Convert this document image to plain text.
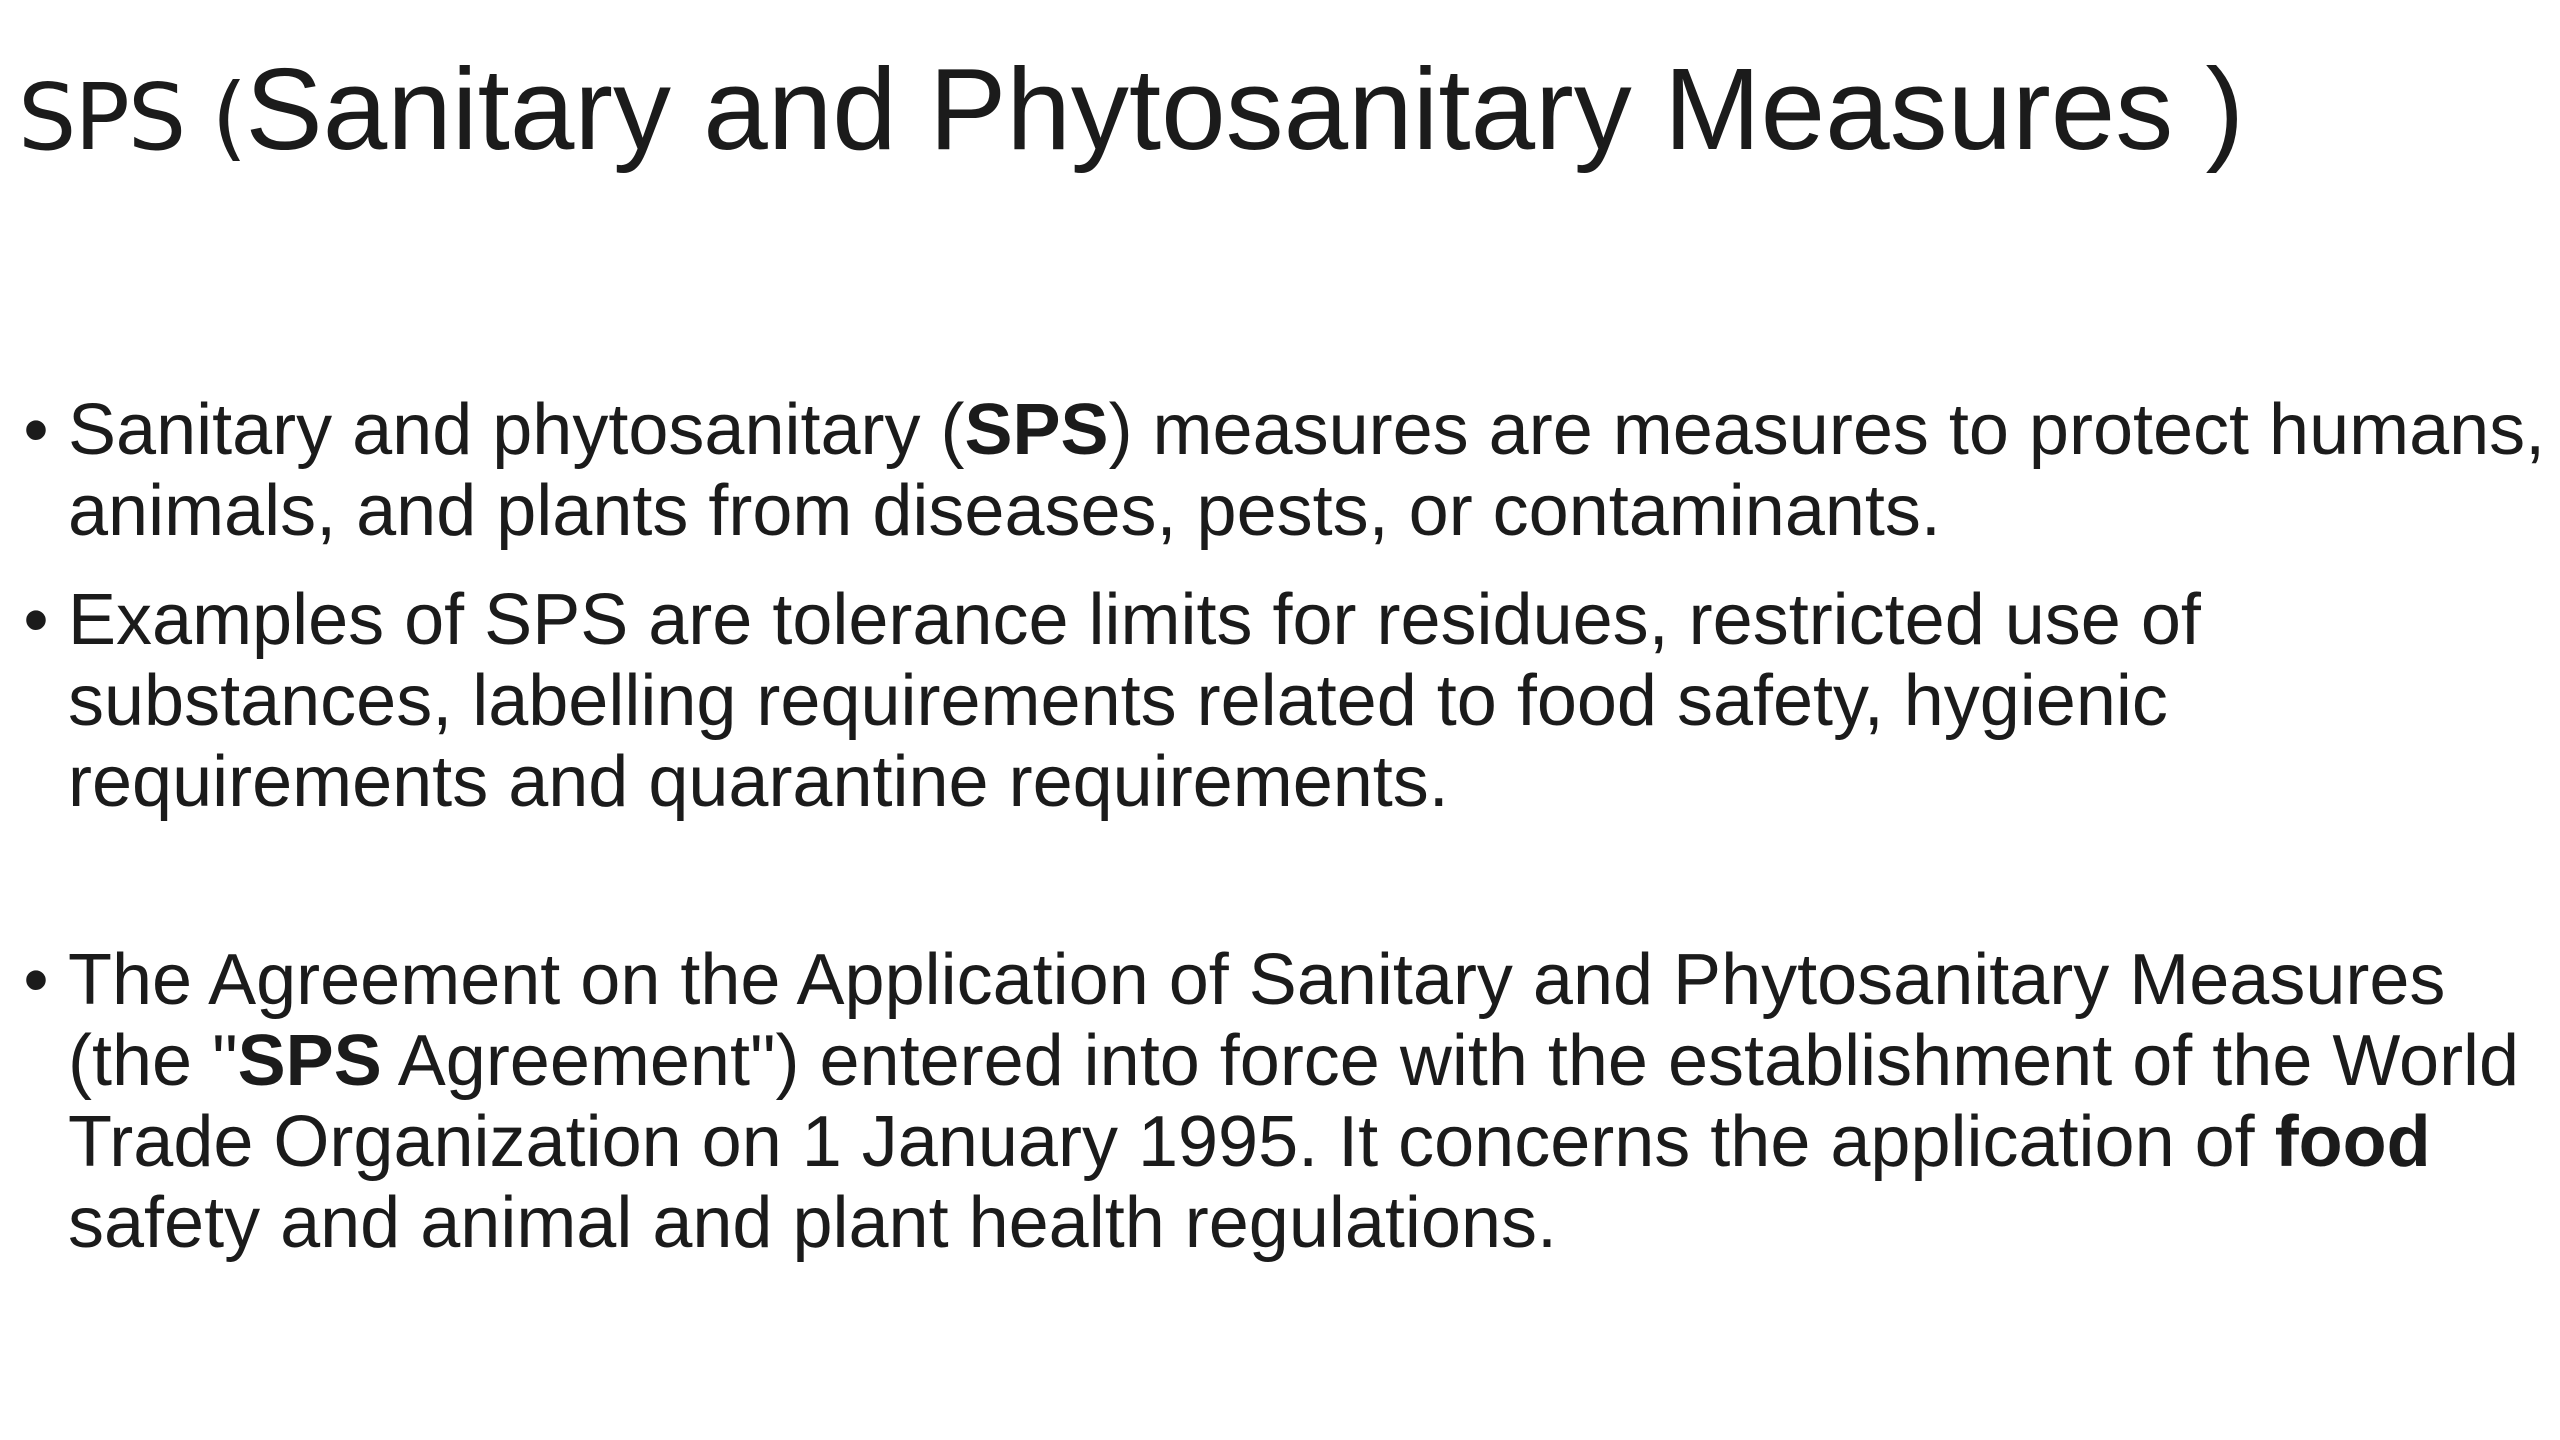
SPS (Sanitary and Phytosanitary Measures )
• Sanitary and phytosanitary (SPS) measures are measures to protect humans, animals, and plants from diseases, pests, or contaminants.
• Examples of SPS are tolerance limits for residues, restricted use of substances, labelling requirements related to food safety, hygienic requirements and quarantine requirements.
• The Agreement on the Application of Sanitary and Phytosanitary Measures (the "SPS Agreement") entered into force with the establishment of the World Trade Organization on 1 January 1995. It concerns the application of food safety and animal and plant health regulations.
